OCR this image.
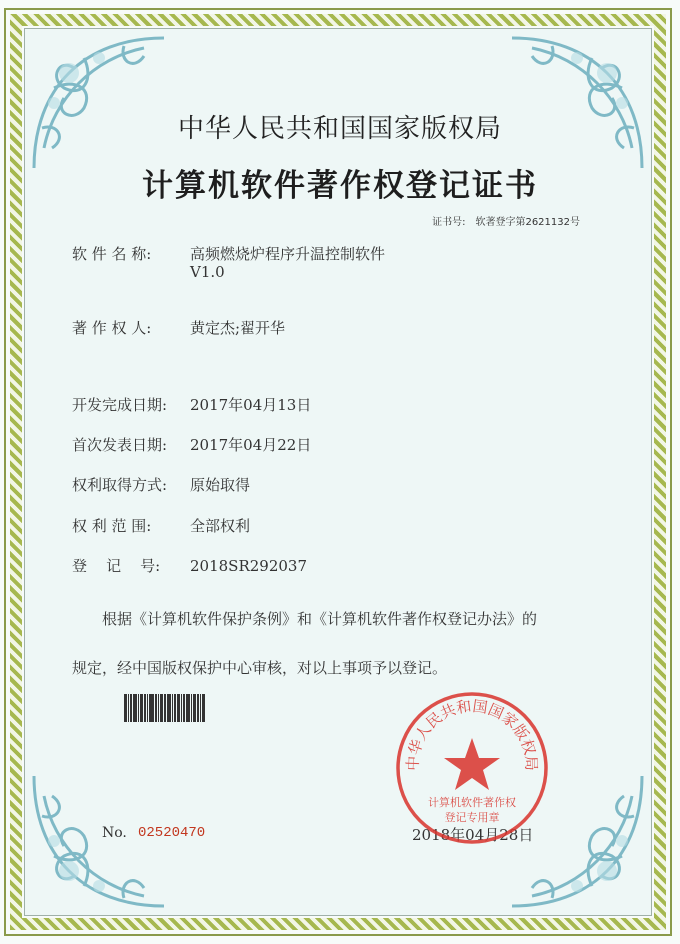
中华人民共和国国家版权局
计算机软件著作权登记证书
证书号: 软著登字第2621132号
软 件 名 称:	高频燃烧炉程序升温控制软件
V1.0
著 作 权 人:	黄定杰;翟开华
开发完成日期: 2017年04月13日
首次发表日期: 2017年04月22日
权利取得方式: 原始取得
权 利 范 围:	全部权利
登    记    号: 2018SR292037
根据《计算机软件保护条例》和《计算机软件著作权登记办法》的
规定，经中国版权保护中心审核，对以上事项予以登记。
No. 02520470	2018年04月28日
中华人民共和国国家版权局
计算机软件著作权
登记专用章
